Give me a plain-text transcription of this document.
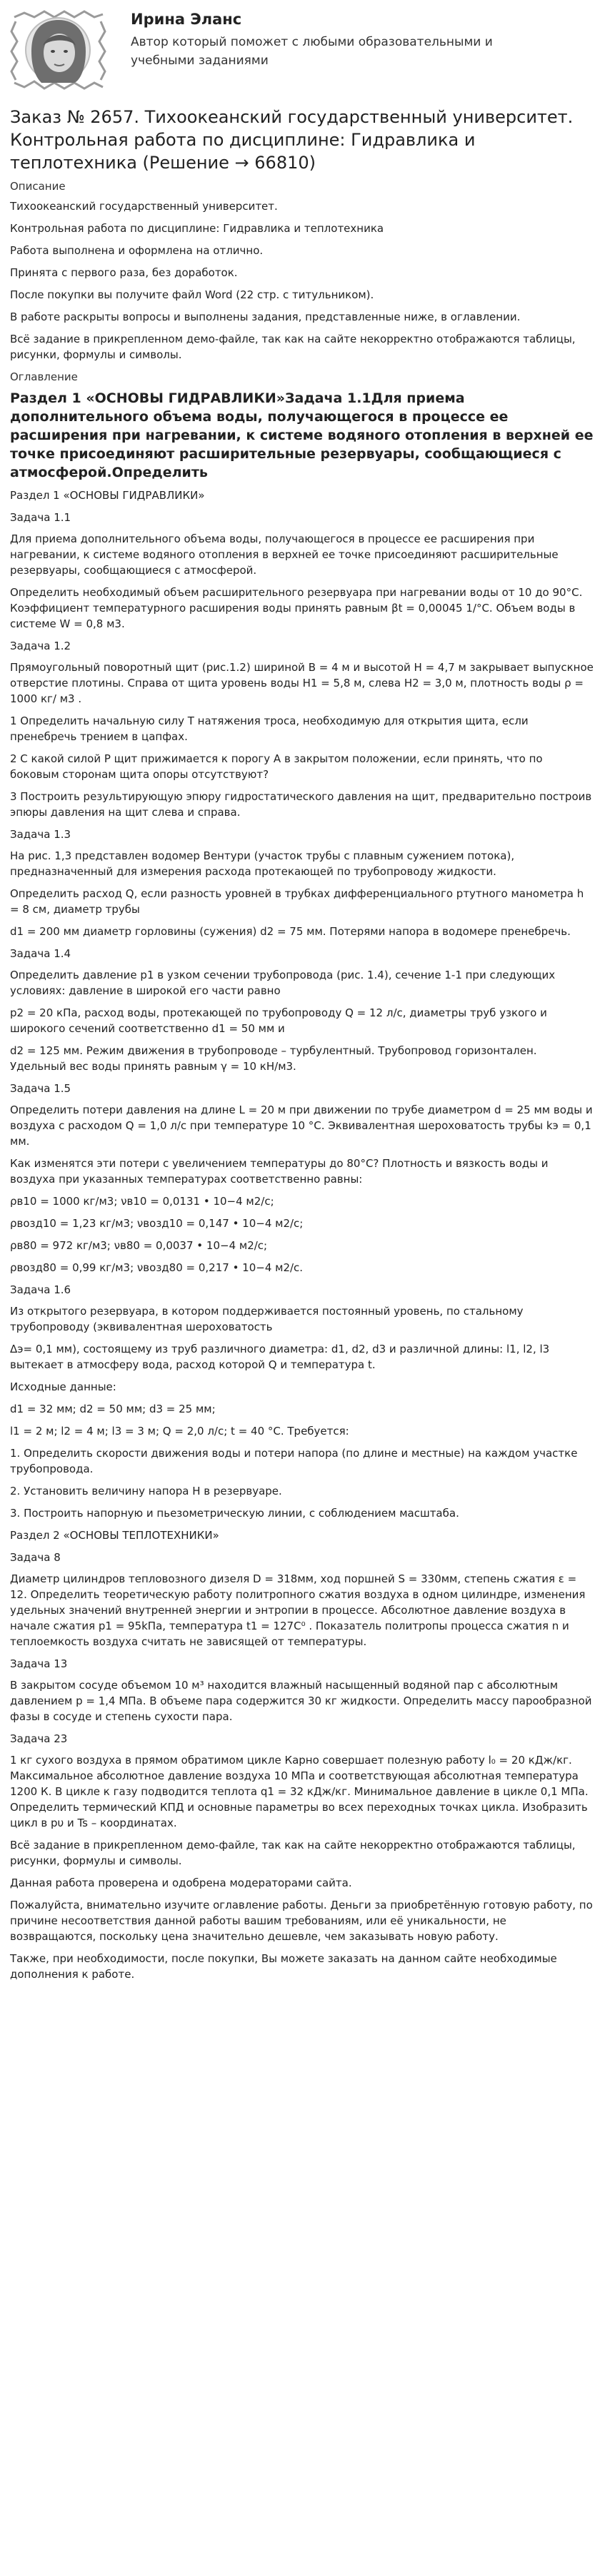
Ирина Эланс
Автор который поможет с любыми образовательными и учебными заданиями
Заказ № 2657. Тихоокеанский государственный университет. Контрольная работа по дисциплине: Гидравлика и теплотехника (Решение → 66810)
Описание

Тихоокеанский государственный университет.

Контрольная работа по дисциплине: Гидравлика и теплотехника

Работа выполнена и оформлена на отлично.

Принята с первого раза, без доработок.

После покупки вы получите файл Word (22 стр. с титульником).

В работе раскрыты вопросы и выполнены задания, представленные ниже, в оглавлении.

Всё задание в прикрепленном демо-файле, так как на сайте некорректно отображаются таблицы, рисунки, формулы и символы.

Оглавление
Раздел 1 «ОСНОВЫ ГИДРАВЛИКИ»Задача 1.1Для приема дополнительного объема воды, получающегося в процессе ее расширения при нагревании, к системе водяного отопления в верхней ее точке присоединяют расширительные резервуары, сообщающиеся с атмосферой.Определить

Раздел 1 «ОСНОВЫ ГИДРАВЛИКИ»

Задача 1.1

Для приема дополнительного объема воды, получающегося в процессе ее расширения при нагревании, к системе водяного отопления в верхней ее точке присоединяют расширительные резервуары, сообщающиеся с атмосферой.

Определить необходимый объем расширительного резервуара при нагревании воды от 10 до 90°С. Коэффициент температурного расширения воды принять равным βt = 0,00045 1/°С. Объем воды в системе W = 0,8 м3.

Задача 1.2

Прямоугольный поворотный щит (рис.1.2) шириной В = 4 м и высотой Н = 4,7 м закрывает выпускное отверстие плотины. Справа от щита уровень воды Н1 = 5,8 м, слева Н2 = 3,0 м, плотность воды ρ = 1000 кг/ м3 .

1 Определить начальную силу Т натяжения троса, необходимую для открытия щита, если пренебречь трением в цапфах.

2 С какой силой Р щит прижимается к порогу А в закрытом положении, если принять, что по боковым сторонам щита опоры отсутствуют?

3 Построить результирующую эпюру гидростатического давления на щит, предварительно построив эпюры давления на щит слева и справа.

Задача 1.3

На рис. 1,3 представлен водомер Вентури (участок трубы с плавным сужением потока), предназначенный для измерения расхода протекающей по трубопроводу жидкости.

Определить расход Q, если разность уровней в трубках дифференциального ртутного манометра h = 8 см, диаметр трубы

d1 = 200 мм диаметр горловины (сужения) d2 = 75 мм. Потерями напора в водомере пренебречь.

Задача 1.4

Определить давление p1 в узком сечении трубопровода (рис. 1.4), сечение 1-1 при следующих условиях: давление в широкой его части равно

p2 = 20 кПа, расход воды, протекающей по трубопроводу Q = 12 л/с, диаметры труб узкого и широкого сечений соответственно d1 = 50 мм и

d2 = 125 мм. Режим движения в трубопроводе – турбулентный. Трубопровод горизонтален. Удельный вес воды принять равным γ = 10 кН/м3.

Задача 1.5

Определить потери давления на длине L = 20 м при движении по трубе диаметром d = 25 мм воды и воздуха с расходом Q = 1,0 л/с при температуре 10 °С. Эквивалентная шероховатость трубы kэ = 0,1 мм.

Как изменятся эти потери с увеличением температуры до 80°С? Плотность и вязкость воды и воздуха при указанных температурах соответственно равны:

ρв10 = 1000 кг/м3; νв10 = 0,0131 • 10−4 м2/с;

ρвозд10 = 1,23 кг/м3; νвозд10 = 0,147 • 10−4 м2/с;

ρв80 = 972 кг/м3; νв80 = 0,0037 • 10−4 м2/с;

ρвозд80 = 0,99 кг/м3; νвозд80 = 0,217 • 10−4 м2/с.

Задача 1.6

Из открытого резервуара, в котором поддерживается постоянный уровень, по стальному трубопроводу (эквивалентная шероховатость

Δэ= 0,1 мм), состоящему из труб различного диаметра: d1, d2, d3 и различной длины: l1, l2, l3 вытекает в атмосферу вода, расход которой Q и температура t.

Исходные данные:

d1 = 32 мм; d2 = 50 мм; d3 = 25 мм;

l1 = 2 м; l2 = 4 м; l3 = 3 м; Q = 2,0 л/с; t = 40 °С. Требуется:

1. Определить скорости движения воды и потери напора (по длине и местные) на каждом участке трубопровода.

2. Установить величину напора Н в резервуаре.

3. Построить напорную и пьезометрическую линии, с соблюдением масштаба.

Раздел 2 «ОСНОВЫ ТЕПЛОТЕХНИКИ»

Задача 8

Диаметр цилиндров тепловозного дизеля D = 318мм, ход поршней S = 330мм, степень сжатия ε = 12. Определить теоретическую работу политропного сжатия воздуха в одном цилиндре, изменения удельных значений внутренней энергии и энтропии в процессе. Абсолютное давление воздуха в начале сжатия p1 = 95kПа, температура t1 = 127C⁰ . Показатель политропы процесса сжатия n и теплоемкость воздуха считать не зависящей от температуры.

Задача 13

В закрытом сосуде объемом 10 м³ находится влажный насыщенный водяной пар с абсолютным давлением p = 1,4 МПа. В объеме пара содержится 30 кг жидкости. Определить массу парообразной фазы в сосуде и степень сухости пара.

Задача 23

1 кг сухого воздуха в прямом обратимом цикле Карно совершает полезную работу l₀ = 20 кДж/кг. Максимальное абсолютное давление воздуха 10 МПа и соответствующая абсолютная температура 1200 К. В цикле к газу подводится теплота q1 = 32 кДж/кг. Минимальное давление в цикле 0,1 МПа. Определить термический КПД и основные параметры во всех переходных точках цикла. Изобразить цикл в pυ и Ts – координатах.

Всё задание в прикрепленном демо-файле, так как на сайте некорректно отображаются таблицы, рисунки, формулы и символы.

Данная работа проверена и одобрена модераторами сайта.

Пожалуйста, внимательно изучите оглавление работы. Деньги за приобретённую готовую работу, по причине несоответствия данной работы вашим требованиям, или её уникальности, не возвращаются, поскольку цена значительно дешевле, чем заказывать новую работу.

Также, при необходимости, после покупки, Вы можете заказать на данном сайте необходимые дополнения к работе.
